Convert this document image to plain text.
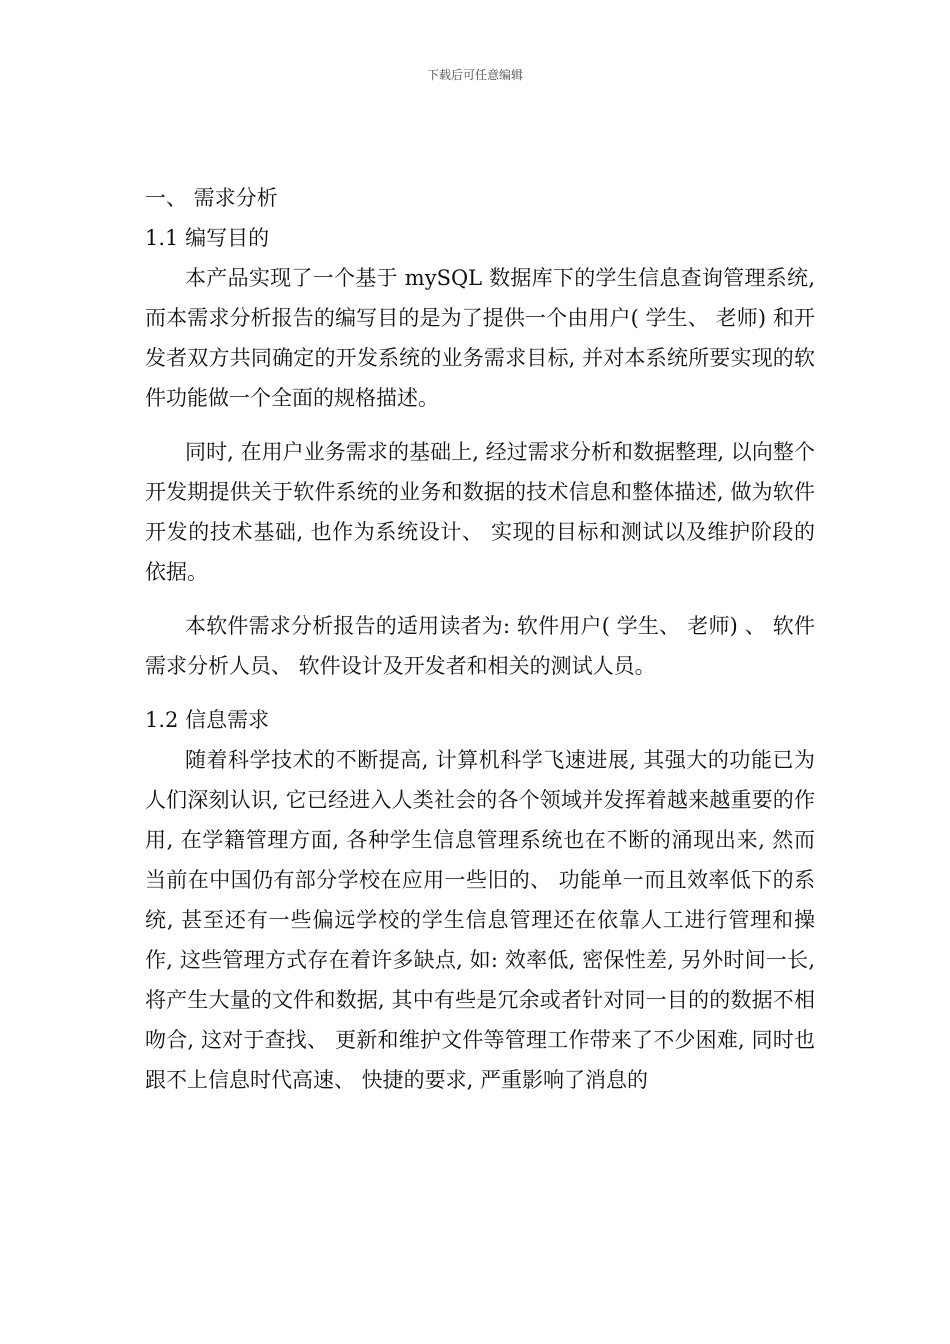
下载后可任意编辑
一、 需求分析
1.1 编写目的

本产品实现了一个基于 mySQL 数据库下的学生信息查询管理系统, 而本需求分析报告的编写目的是为了提供一个由用户( 学生、 老师) 和开发者双方共同确定的开发系统的业务需求目标, 并对本系统所要实现的软件功能做一个全面的规格描述。

同时, 在用户业务需求的基础上, 经过需求分析和数据整理, 以向整个开发期提供关于软件系统的业务和数据的技术信息和整体描述, 做为软件开发的技术基础, 也作为系统设计、 实现的目标和测试以及维护阶段的依据。

本软件需求分析报告的适用读者为: 软件用户( 学生、 老师) 、 软件需求分析人员、 软件设计及开发者和相关的测试人员。

1.2 信息需求

随着科学技术的不断提高, 计算机科学飞速进展, 其强大的功能已为人们深刻认识, 它已经进入人类社会的各个领域并发挥着越来越重要的作用, 在学籍管理方面, 各种学生信息管理系统也在不断的涌现出来, 然而当前在中国仍有部分学校在应用一些旧的、 功能单一而且效率低下的系统, 甚至还有一些偏远学校的学生信息管理还在依靠人工进行管理和操作, 这些管理方式存在着许多缺点, 如: 效率低, 密保性差, 另外时间一长, 将产生大量的文件和数据, 其中有些是冗余或者针对同一目的的数据不相吻合, 这对于查找、 更新和维护文件等管理工作带来了不少困难, 同时也跟不上信息时代高速、 快捷的要求, 严重影响了消息的
